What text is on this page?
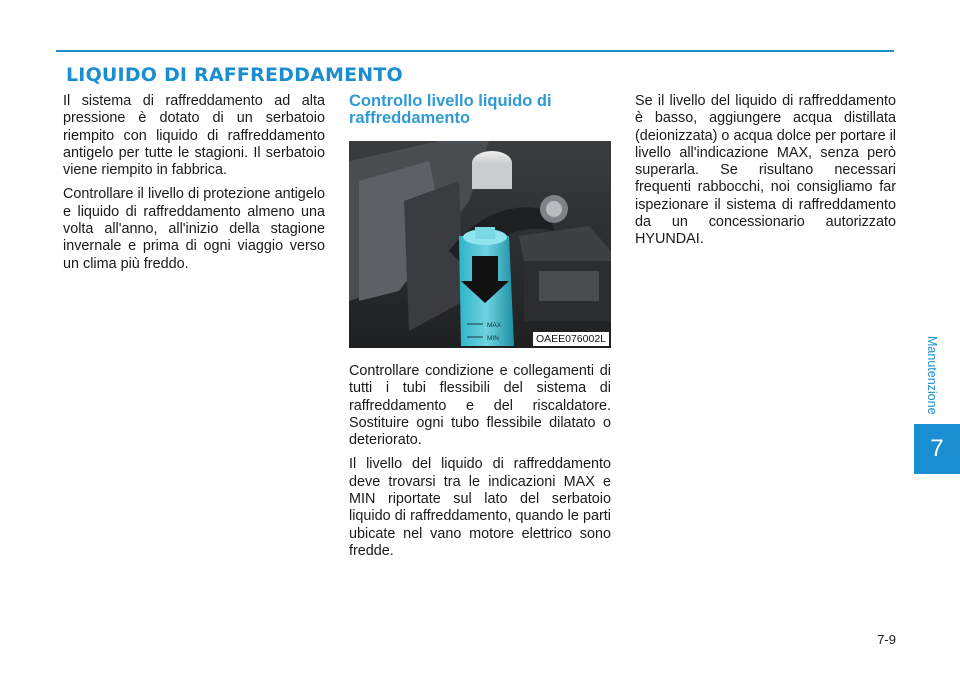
LIQUIDO DI RAFFREDDAMENTO

Il sistema di raffreddamento ad alta pressione è dotato di un serbatoio riempito con liquido di raffreddamento antigelo per tutte le stagioni. Il serbatoio viene riempito in fabbrica.

Controllare il livello di protezione antigelo e liquido di raffreddamento almeno una volta all'anno, all'inizio della stagione invernale e prima di ogni viaggio verso un clima più freddo.

Controllo livello liquido di raffreddamento
MAX
MIN	OAEE076002L

Controllare condizione e collegamenti di tutti i tubi flessibili del sistema di raffreddamento e del riscaldatore. Sostituire ogni tubo flessibile dilatato o deteriorato.

Il livello del liquido di raffreddamento deve trovarsi tra le indicazioni MAX e MIN riportate sul lato del serbatoio liquido di raffreddamento, quando le parti ubicate nel vano motore elettrico sono fredde.

Se il livello del liquido di raffreddamento è basso, aggiungere acqua distillata (deionizzata) o acqua dolce per portare il livello all'indicazione MAX, senza però superarla. Se risultano necessari frequenti rabbocchi, noi consigliamo far ispezionare il sistema di raffreddamento da un concessionario autorizzato HYUNDAI.

Manutenzione
7
7-9
